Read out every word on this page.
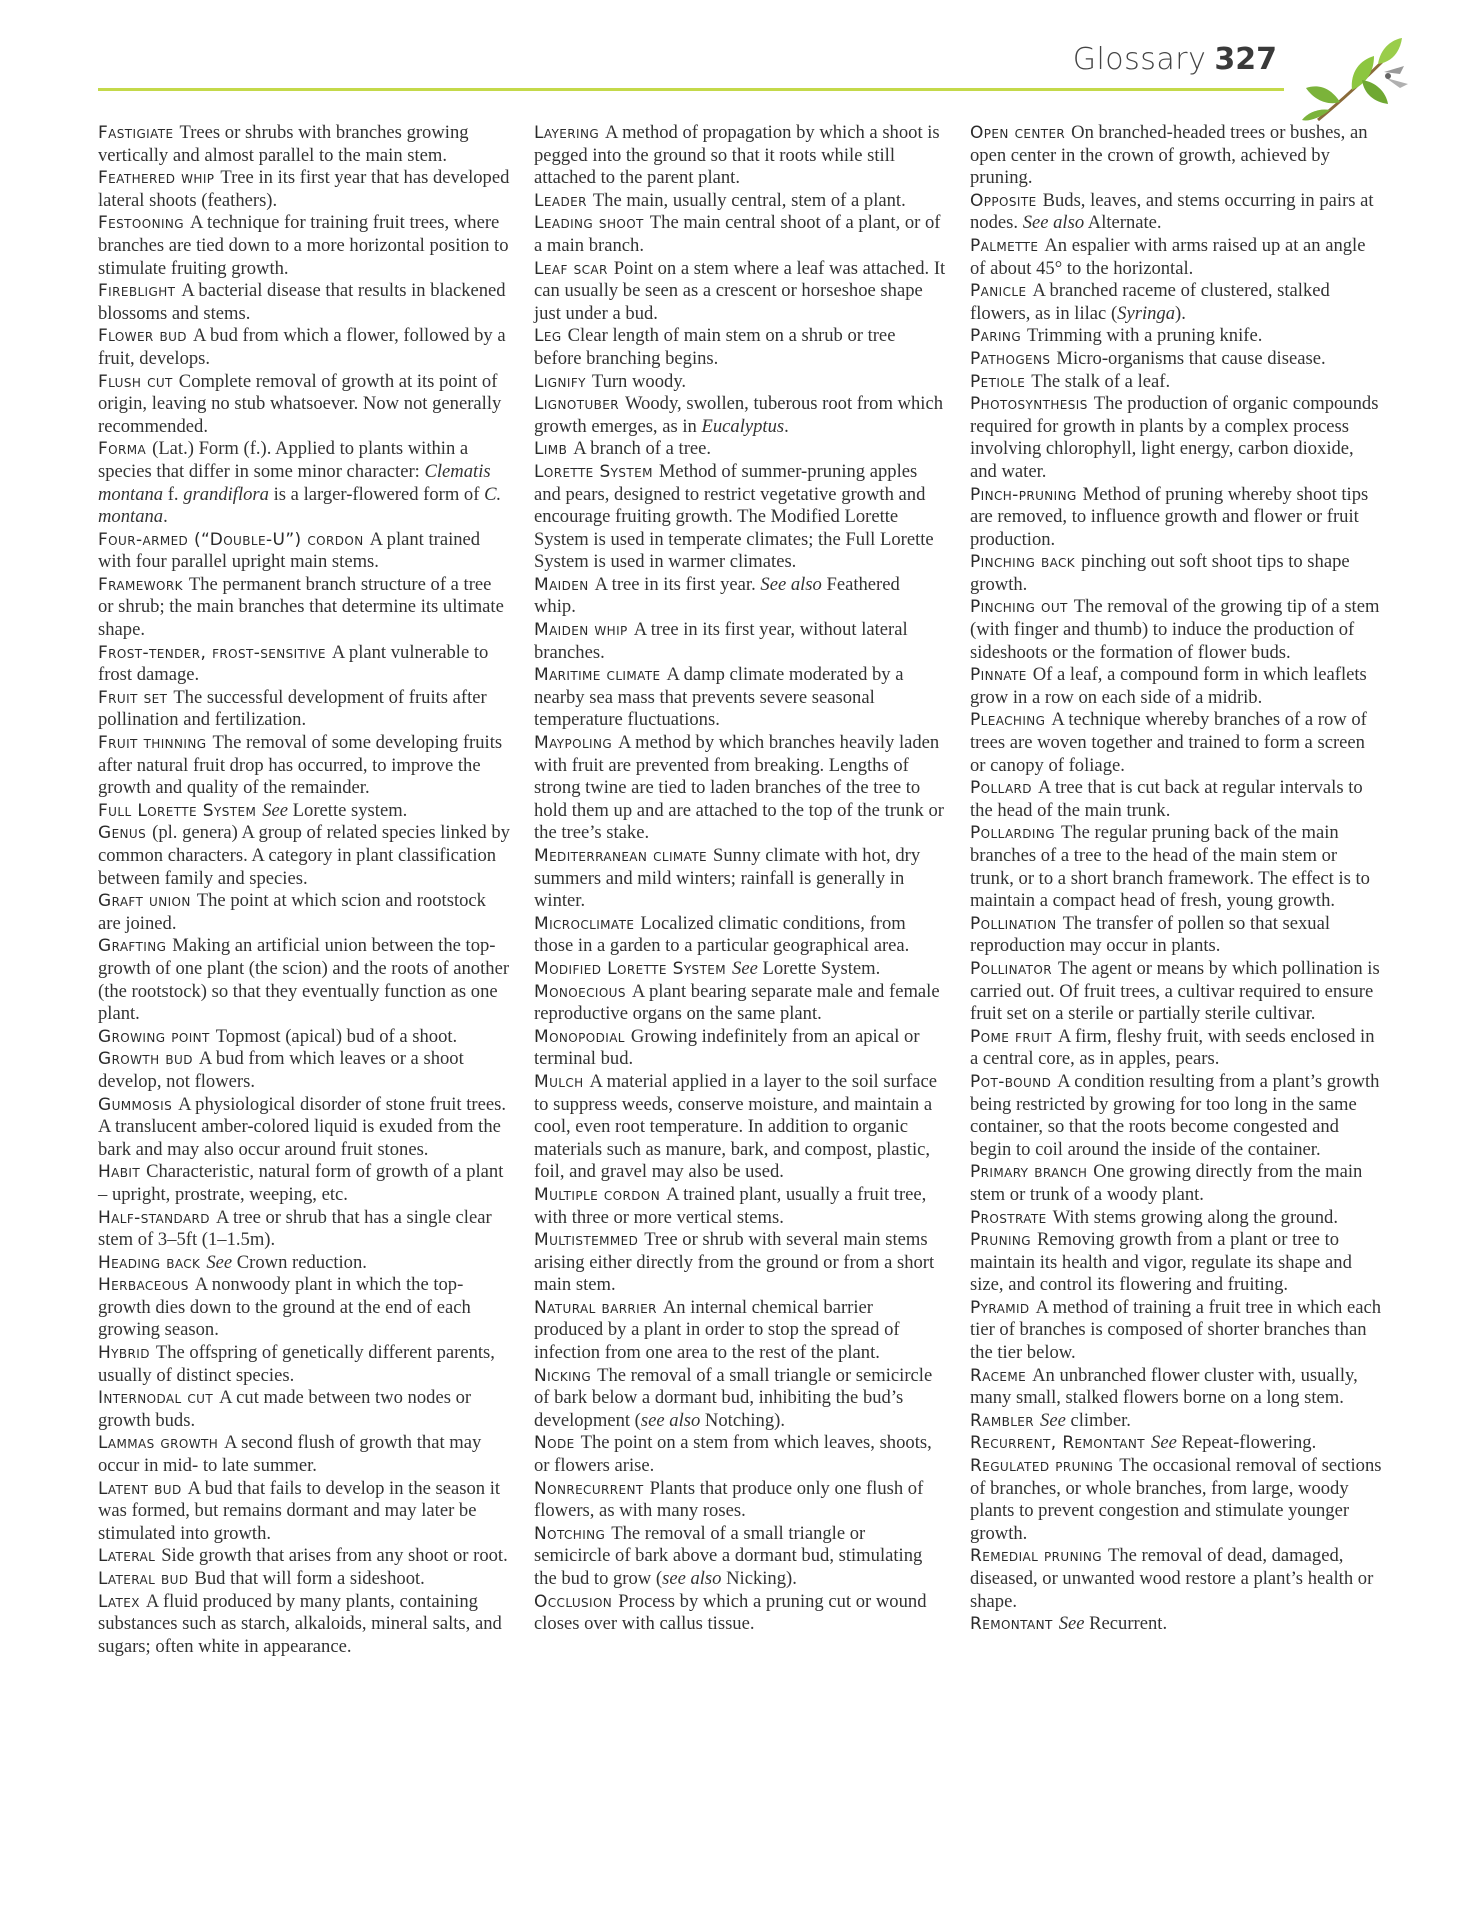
Glossary 327

Fastigiate Trees or shrubs with branches growing vertically and almost parallel to the main stem.

Feathered whip Tree in its first year that has developed lateral shoots (feathers).

Festooning A technique for training fruit trees, where branches are tied down to a more horizontal position to stimulate fruiting growth.

Fireblight A bacterial disease that results in blackened blossoms and stems.

Flower bud A bud from which a flower, followed by a fruit, develops.

Flush cut Complete removal of growth at its point of origin, leaving no stub whatsoever. Now not generally recommended.

Forma (Lat.) Form (f.). Applied to plants within a species that differ in some minor character: Clematis montana f. grandiflora is a larger-flowered form of C. montana.

Four-armed (“Double-U”) cordon A plant trained with four parallel upright main stems.

Framework The permanent branch structure of a tree or shrub; the main branches that determine its ultimate shape.

Frost-tender, frost-sensitive A plant vulnerable to frost damage.

Fruit set The successful development of fruits after pollination and fertilization.

Fruit thinning The removal of some developing fruits after natural fruit drop has occurred, to improve the growth and quality of the remainder.

Full Lorette System See Lorette system.

Genus (pl. genera) A group of related species linked by common characters. A category in plant classification between family and species.

Graft union The point at which scion and rootstock are joined.

Grafting Making an artificial union between the top-growth of one plant (the scion) and the roots of another (the rootstock) so that they eventually function as one plant.

Growing point Topmost (apical) bud of a shoot.

Growth bud A bud from which leaves or a shoot develop, not flowers.

Gummosis A physiological disorder of stone fruit trees. A translucent amber-colored liquid is exuded from the bark and may also occur around fruit stones.

Habit Characteristic, natural form of growth of a plant – upright, prostrate, weeping, etc.

Half-standard A tree or shrub that has a single clear stem of 3–5ft (1–1.5m).

Heading back See Crown reduction.

Herbaceous A nonwoody plant in which the top-growth dies down to the ground at the end of each growing season.

Hybrid The offspring of genetically different parents, usually of distinct species.

Internodal cut A cut made between two nodes or growth buds.

Lammas growth A second flush of growth that may occur in mid- to late summer.

Latent bud A bud that fails to develop in the season it was formed, but remains dormant and may later be stimulated into growth.

Lateral Side growth that arises from any shoot or root.

Lateral bud Bud that will form a sideshoot.

Latex A fluid produced by many plants, containing substances such as starch, alkaloids, mineral salts, and sugars; often white in appearance.

Layering A method of propagation by which a shoot is pegged into the ground so that it roots while still attached to the parent plant.

Leader The main, usually central, stem of a plant.

Leading shoot The main central shoot of a plant, or of a main branch.

Leaf scar Point on a stem where a leaf was attached. It can usually be seen as a crescent or horseshoe shape just under a bud.

Leg Clear length of main stem on a shrub or tree before branching begins.

Lignify Turn woody.

Lignotuber Woody, swollen, tuberous root from which growth emerges, as in Eucalyptus.

Limb A branch of a tree.

Lorette System Method of summer-pruning apples and pears, designed to restrict vegetative growth and encourage fruiting growth. The Modified Lorette System is used in temperate climates; the Full Lorette System is used in warmer climates.

Maiden A tree in its first year. See also Feathered whip.

Maiden whip A tree in its first year, without lateral branches.

Maritime climate A damp climate moderated by a nearby sea mass that prevents severe seasonal temperature fluctuations.

Maypoling A method by which branches heavily laden with fruit are prevented from breaking. Lengths of strong twine are tied to laden branches of the tree to hold them up and are attached to the top of the trunk or the tree’s stake.

Mediterranean climate Sunny climate with hot, dry summers and mild winters; rainfall is generally in winter.

Microclimate Localized climatic conditions, from those in a garden to a particular geographical area.

Modified Lorette System See Lorette System.

Monoecious A plant bearing separate male and female reproductive organs on the same plant.

Monopodial Growing indefinitely from an apical or terminal bud.

Mulch A material applied in a layer to the soil surface to suppress weeds, conserve moisture, and maintain a cool, even root temperature. In addition to organic materials such as manure, bark, and compost, plastic, foil, and gravel may also be used.

Multiple cordon A trained plant, usually a fruit tree, with three or more vertical stems.

Multistemmed Tree or shrub with several main stems arising either directly from the ground or from a short main stem.

Natural barrier An internal chemical barrier produced by a plant in order to stop the spread of infection from one area to the rest of the plant.

Nicking The removal of a small triangle or semicircle of bark below a dormant bud, inhibiting the bud’s development (see also Notching).

Node The point on a stem from which leaves, shoots, or flowers arise.

Nonrecurrent Plants that produce only one flush of flowers, as with many roses.

Notching The removal of a small triangle or semicircle of bark above a dormant bud, stimulating the bud to grow (see also Nicking).

Occlusion Process by which a pruning cut or wound closes over with callus tissue.

Open center On branched-headed trees or bushes, an open center in the crown of growth, achieved by pruning.

Opposite Buds, leaves, and stems occurring in pairs at nodes. See also Alternate.

Palmette An espalier with arms raised up at an angle of about 45° to the horizontal.

Panicle A branched raceme of clustered, stalked flowers, as in lilac (Syringa).

Paring Trimming with a pruning knife.

Pathogens Micro-organisms that cause disease.

Petiole The stalk of a leaf.

Photosynthesis The production of organic compounds required for growth in plants by a complex process involving chlorophyll, light energy, carbon dioxide, and water.

Pinch-pruning Method of pruning whereby shoot tips are removed, to influence growth and flower or fruit production.

Pinching back pinching out soft shoot tips to shape growth.

Pinching out The removal of the growing tip of a stem (with finger and thumb) to induce the production of sideshoots or the formation of flower buds.

Pinnate Of a leaf, a compound form in which leaflets grow in a row on each side of a midrib.

Pleaching A technique whereby branches of a row of trees are woven together and trained to form a screen or canopy of foliage.

Pollard A tree that is cut back at regular intervals to the head of the main trunk.

Pollarding The regular pruning back of the main branches of a tree to the head of the main stem or trunk, or to a short branch framework. The effect is to maintain a compact head of fresh, young growth.

Pollination The transfer of pollen so that sexual reproduction may occur in plants.

Pollinator The agent or means by which pollination is carried out. Of fruit trees, a cultivar required to ensure fruit set on a sterile or partially sterile cultivar.

Pome fruit A firm, fleshy fruit, with seeds enclosed in a central core, as in apples, pears.

Pot-bound A condition resulting from a plant’s growth being restricted by growing for too long in the same container, so that the roots become congested and begin to coil around the inside of the container.

Primary branch One growing directly from the main stem or trunk of a woody plant.

Prostrate With stems growing along the ground.

Pruning Removing growth from a plant or tree to maintain its health and vigor, regulate its shape and size, and control its flowering and fruiting.

Pyramid A method of training a fruit tree in which each tier of branches is composed of shorter branches than the tier below.

Raceme An unbranched flower cluster with, usually, many small, stalked flowers borne on a long stem.

Rambler See climber.

Recurrent, Remontant See Repeat-flowering.

Regulated pruning The occasional removal of sections of branches, or whole branches, from large, woody plants to prevent congestion and stimulate younger growth.

Remedial pruning The removal of dead, damaged, diseased, or unwanted wood restore a plant’s health or shape.

Remontant See Recurrent.
